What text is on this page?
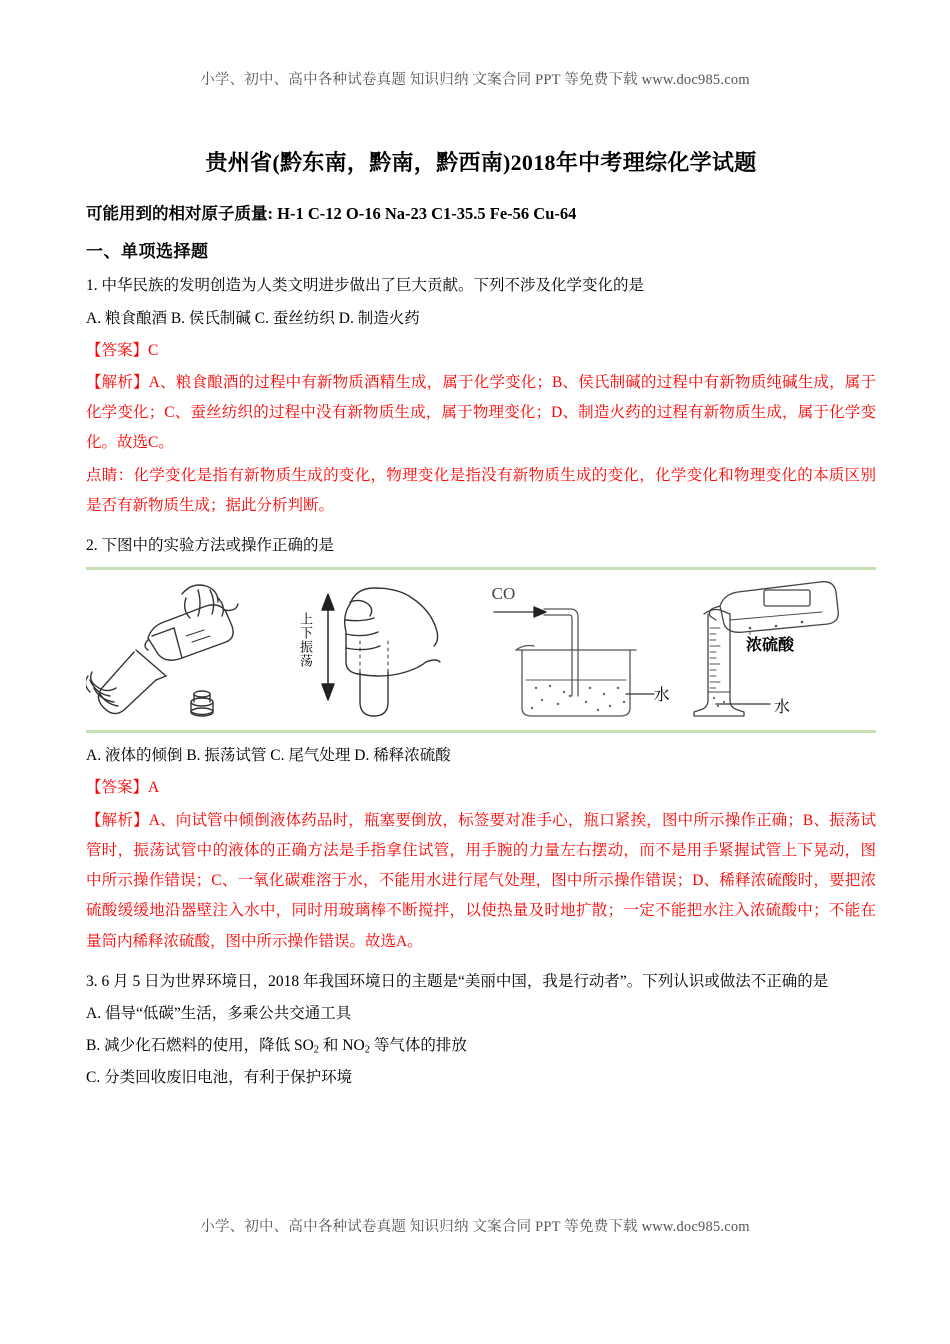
小学、初中、高中各种试卷真题 知识归纳 文案合同 PPT 等免费下载 www.doc985.com
贵州省(黔东南，黔南，黔西南)2018年中考理综化学试题

可能用到的相对原子质量: H-1 C-12 O-16 Na-23 C1-35.5 Fe-56 Cu-64

一、单项选择题

1. 中华民族的发明创造为人类文明进步做出了巨大贡献。下列不涉及化学变化的是

A. 粮食酿酒 B. 侯氏制碱 C. 蚕丝纺织 D. 制造火药

【答案】C

【解析】A、粮食酿酒的过程中有新物质酒精生成，属于化学变化；B、侯氏制碱的过程中有新物质纯碱生成，属于化学变化；C、蚕丝纺织的过程中没有新物质生成，属于物理变化；D、制造火药的过程有新物质生成，属于化学变化。故选C。

点睛：化学变化是指有新物质生成的变化，物理变化是指没有新物质生成的变化，化学变化和物理变化的本质区别是否有新物质生成；据此分析判断。

2. 下图中的实验方法或操作正确的是

上下振荡
CO
水
浓硫酸
水

A. 液体的倾倒 B. 振荡试管 C. 尾气处理 D. 稀释浓硫酸

【答案】A

【解析】A、向试管中倾倒液体药品时，瓶塞要倒放，标签要对准手心，瓶口紧挨，图中所示操作正确；B、振荡试管时，振荡试管中的液体的正确方法是手指拿住试管，用手腕的力量左右摆动，而不是用手紧握试管上下晃动，图中所示操作错误；C、一氧化碳难溶于水，不能用水进行尾气处理，图中所示操作错误；D、稀释浓硫酸时，要把浓硫酸缓缓地沿器壁注入水中，同时用玻璃棒不断搅拌，以使热量及时地扩散；一定不能把水注入浓硫酸中；不能在量筒内稀释浓硫酸，图中所示操作错误。故选A。

3. 6 月 5 日为世界环境日，2018 年我国环境日的主题是“美丽中国，我是行动者”。下列认识或做法不正确的是

A. 倡导“低碳”生活，多乘公共交通工具

B. 减少化石燃料的使用，降低 $SO_2$ 和 $NO_2$ 等气体的排放

C. 分类回收废旧电池，有利于保护环境

小学、初中、高中各种试卷真题 知识归纳 文案合同 PPT 等免费下载 www.doc985.com
